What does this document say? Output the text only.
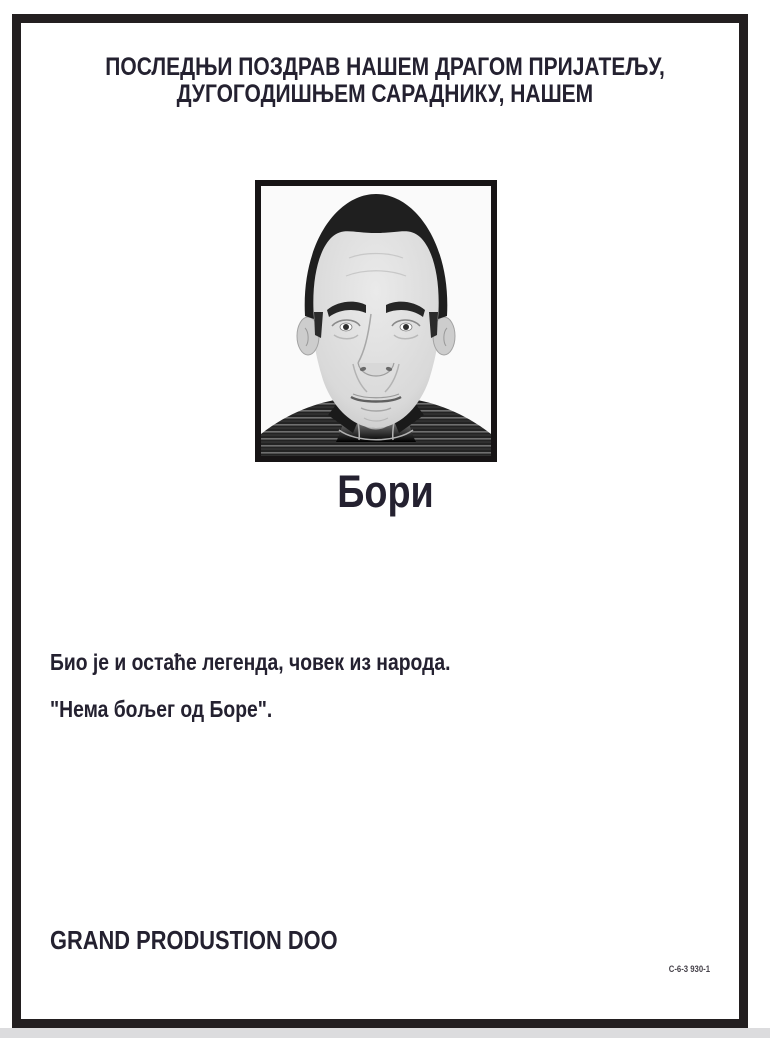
ПОСЛЕДЊИ ПОЗДРАВ НАШЕМ ДРАГОМ ПРИЈАТЕЉУ,
ДУГОГОДИШЊЕМ САРАДНИКУ, НАШЕМ
Бори
Био је и остаће легенда, човек из народа.
"Нема бољег од Боре".
GRAND PRODUSTION DOO
C-6-3 930-1
